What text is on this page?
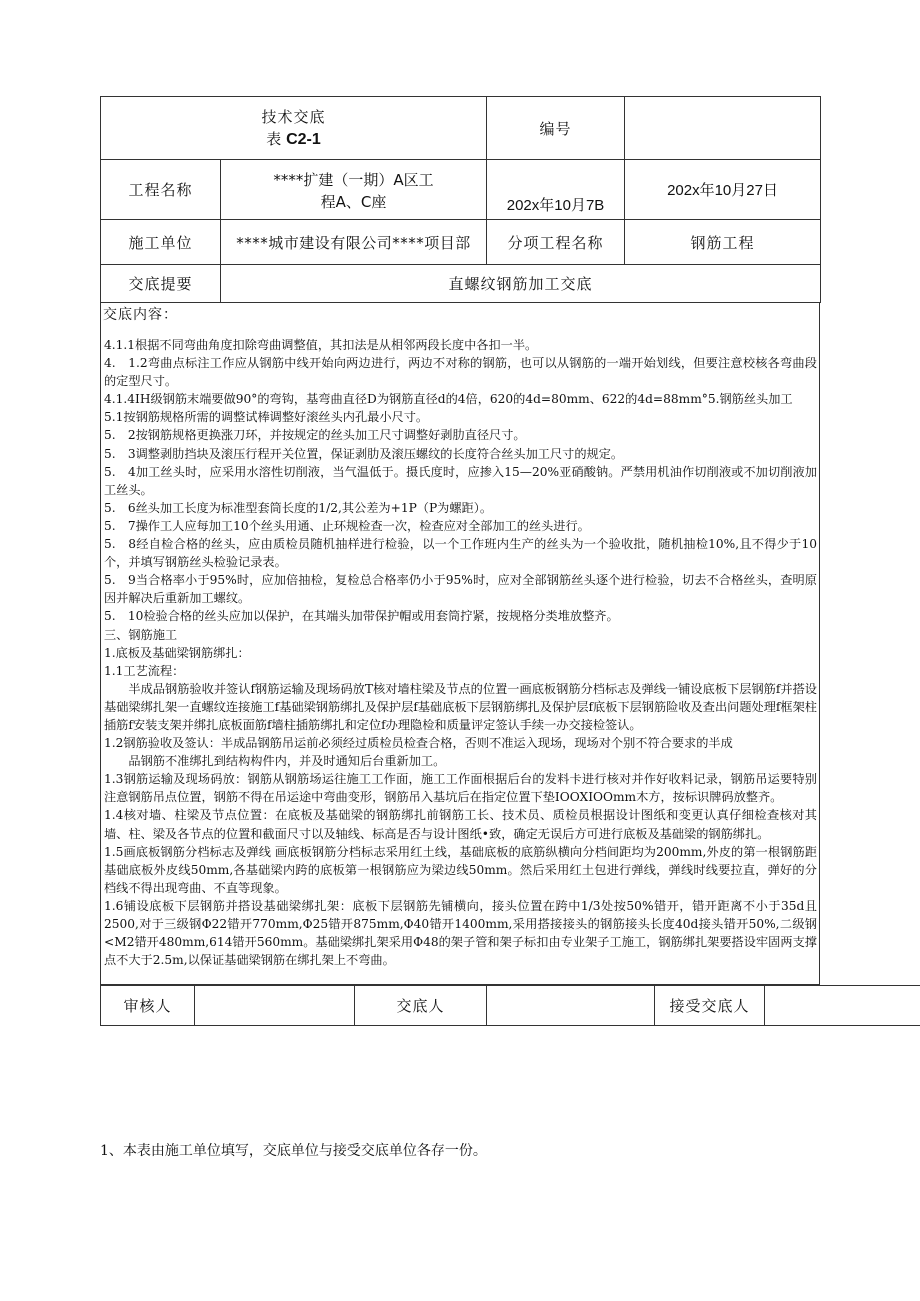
技术交底
表 C2-1		编号	
工程名称	****扩建（一期）A区工
程A、C座	202x年10月7B	202x年10月27日
施工单位	****城市建设有限公司****项目部	分项工程名称	钢筋工程
交底提要	直螺纹钢筋加工交底		
交底内容：

4.1.1根据不同弯曲角度扣除弯曲调整值，其扣法是从相邻两段长度中各扣一半。

4.　1.2弯曲点标注工作应从钢筋中线开始向两边进行，两边不对称的钢筋，也可以从钢筋的一端开始划线，但要注意校核各弯曲段的定型尺寸。

4.1.4IH级钢筋末端要做90°的弯钩，基弯曲直径D为钢筋直径d的4倍，620的4d=80mm、622的4d=88mm°5.钢筋丝头加工

5.1按钢筋规格所需的调整试棒调整好滚丝头内孔最小尺寸。

5.　2按钢筋规格更换涨刀环，并按规定的丝头加工尺寸调整好剥肋直径尺寸。

5.　3调整剥肋挡块及滚压行程开关位置，保证剥肋及滚压螺纹的长度符合丝头加工尺寸的规定。

5.　4加工丝头时，应采用水溶性切削液，当气温低于。摄氏度时，应掺入15—20%亚硝酸钠。严禁用机油作切削液或不加切削液加工丝头。

5.　6丝头加工长度为标准型套筒长度的1/2,其公差为+1P（P为螺距）。

5.　7操作工人应每加工10个丝头用通、止环规检查一次，检查应对全部加工的丝头进行。

5.　8经自检合格的丝头，应由质检员随机抽样进行检验，以一个工作班内生产的丝头为一个验收批，随机抽检10%,且不得少于10个，并填写钢筋丝头检验记录表。

5.　9当合格率小于95%时，应加倍抽检，复检总合格率仍小于95%时，应对全部钢筋丝头逐个进行检验，切去不合格丝头，查明原因并解决后重新加工螺纹。

5.　10检验合格的丝头应加以保护，在其端头加带保护帽或用套筒拧紧，按规格分类堆放整齐。

三、钢筋施工

1.底板及基础梁钢筋绑扎：

1.1工艺流程：

半成品钢筋验收并签认f钢筋运输及现场码放T核对墙柱梁及节点的位置一画底板钢筋分档标志及弹线一铺设底板下层钢筋f并搭设基础梁绑扎架一直螺纹连接施工f基础梁钢筋绑扎及保护层f基础底板下层钢筋绑扎及保护层f底板下层钢筋险收及查出问题处理f框架柱插筋f安装支架并绑扎底板面筋f墙柱插筋绑扎和定位f办理隐检和质量评定签认手续一办交接检签认。

1.2钢筋验收及签认：半成品钢筋吊运前必须经过质检员检查合格，否则不准运入现场，现场对个别不符合要求的半成

品钢筋不准绑扎到结构构件内，并及时通知后台重新加工。

1.3钢筋运输及现场码放：钢筋从钢筋场运往施工工作面，施工工作面根据后台的发料卡进行核对并作好收料记录，钢筋吊运要特别注意钢筋吊点位置，钢筋不得在吊运途中弯曲变形，钢筋吊入基坑后在指定位置下垫IOOXIOOmm木方，按标识牌码放整齐。

1.4核对墙、柱梁及节点位置：在底板及基础梁的钢筋绑扎前钢筋工长、技术员、质检员根据设计图纸和变更认真仔细检查核对其墙、柱、梁及各节点的位置和截面尺寸以及轴线、标高是否与设计图纸•致，确定无误后方可进行底板及基础梁的钢筋绑扎。

1.5画底板钢筋分档标志及弹线 画底板钢筋分档标志采用红土线，基础底板的底筋纵横向分档间距均为200mm,外皮的第一根钢筋距基础底板外皮线50mm,各基础梁内跨的底板第一根钢筋应为梁边线50mm。然后采用红土包进行弹线，弹线时线要拉直，弹好的分档线不得出现弯曲、不直等现象。

1.6铺设底板下层钢筋并搭设基础梁绑扎架：底板下层钢筋先铺横向，接头位置在跨中1/3处按50%错开，错开距离不小于35d且2500,对于三级钢Φ22错开770mm,Φ25错开875mm,Φ40错开1400mm,采用搭接接头的钢筋接头长度40d接头错开50%,二级钢<M2错开480mm,614错开560mm。基础梁绑扎架采用Φ48的架子管和架子标扣由专业架子工施工，钢筋绑扎架要搭设牢固两支撑点不大于2.5m,以保证基础梁钢筋在绑扎架上不弯曲。

审核人		交底人		接受交底人	
1、本表由施工单位填写，交底单位与接受交底单位各存一份。
